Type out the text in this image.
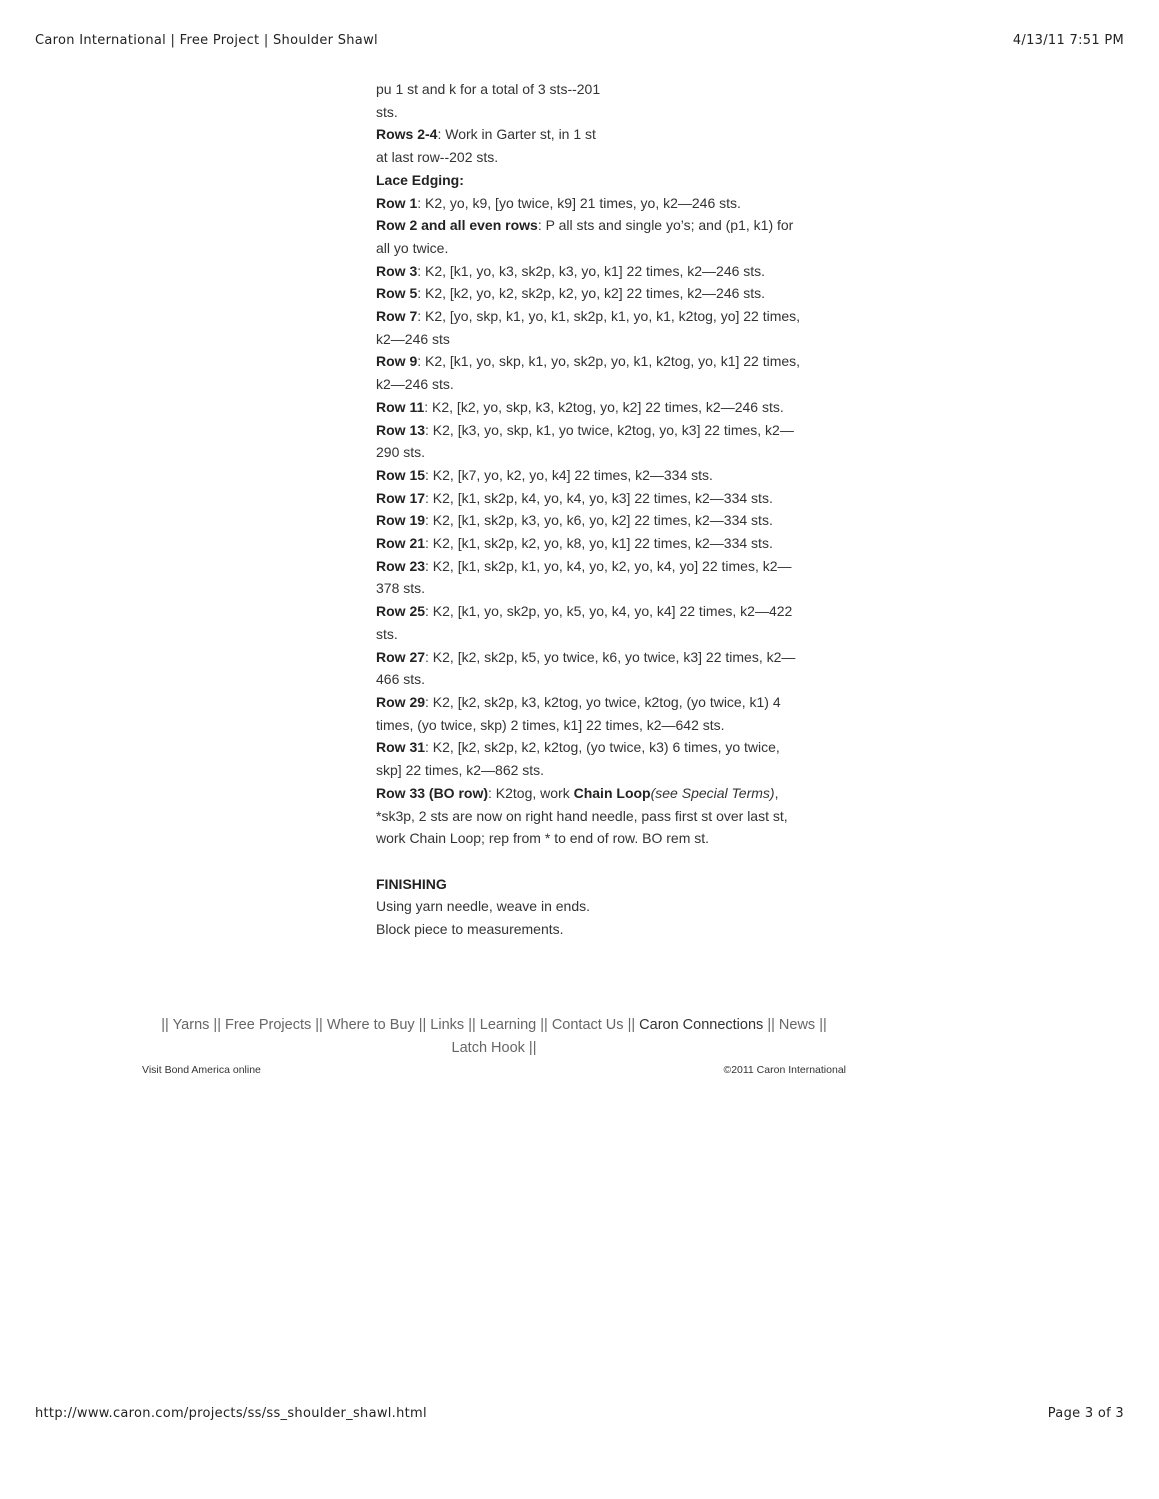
Caron International | Free Project | Shoulder Shawl	4/13/11 7:51 PM

pu 1 st and k for a total of 3 sts--201

sts.

Rows 2-4: Work in Garter st, in 1 st

at last row--202 sts.

Lace Edging:

Row 1: K2, yo, k9, [yo twice, k9] 21 times, yo, k2—246 sts.

Row 2 and all even rows: P all sts and single yo’s; and (p1, k1) for

all yo twice.

Row 3: K2, [k1, yo, k3, sk2p, k3, yo, k1] 22 times, k2—246 sts.

Row 5: K2, [k2, yo, k2, sk2p, k2, yo, k2] 22 times, k2—246 sts.

Row 7: K2, [yo, skp, k1, yo, k1, sk2p, k1, yo, k1, k2tog, yo] 22 times,

k2—246 sts

Row 9: K2, [k1, yo, skp, k1, yo, sk2p, yo, k1, k2tog, yo, k1] 22 times,

k2—246 sts.

Row 11: K2, [k2, yo, skp, k3, k2tog, yo, k2] 22 times, k2—246 sts.

Row 13: K2, [k3, yo, skp, k1, yo twice, k2tog, yo, k3] 22 times, k2—

290 sts.

Row 15: K2, [k7, yo, k2, yo, k4] 22 times, k2—334 sts.

Row 17: K2, [k1, sk2p, k4, yo, k4, yo, k3] 22 times, k2—334 sts.

Row 19: K2, [k1, sk2p, k3, yo, k6, yo, k2] 22 times, k2—334 sts.

Row 21: K2, [k1, sk2p, k2, yo, k8, yo, k1] 22 times, k2—334 sts.

Row 23: K2, [k1, sk2p, k1, yo, k4, yo, k2, yo, k4, yo] 22 times, k2—

378 sts.

Row 25: K2, [k1, yo, sk2p, yo, k5, yo, k4, yo, k4] 22 times, k2—422

sts.

Row 27: K2, [k2, sk2p, k5, yo twice, k6, yo twice, k3] 22 times, k2—

466 sts.

Row 29: K2, [k2, sk2p, k3, k2tog, yo twice, k2tog, (yo twice, k1) 4

times, (yo twice, skp) 2 times, k1] 22 times, k2—642 sts.

Row 31: K2, [k2, sk2p, k2, k2tog, (yo twice, k3) 6 times, yo twice,

skp] 22 times, k2—862 sts.

Row 33 (BO row): K2tog, work Chain Loop(see Special Terms),

*sk3p, 2 sts are now on right hand needle, pass first st over last st,

work Chain Loop; rep from * to end of row. BO rem st.

FINISHING

Using yarn needle, weave in ends.

Block piece to measurements.

|| Yarns || Free Projects || Where to Buy || Links || Learning || Contact Us || Caron Connections || News ||
Latch Hook ||
Visit Bond America online	©2011 Caron International
http://www.caron.com/projects/ss/ss_shoulder_shawl.html	Page 3 of 3
